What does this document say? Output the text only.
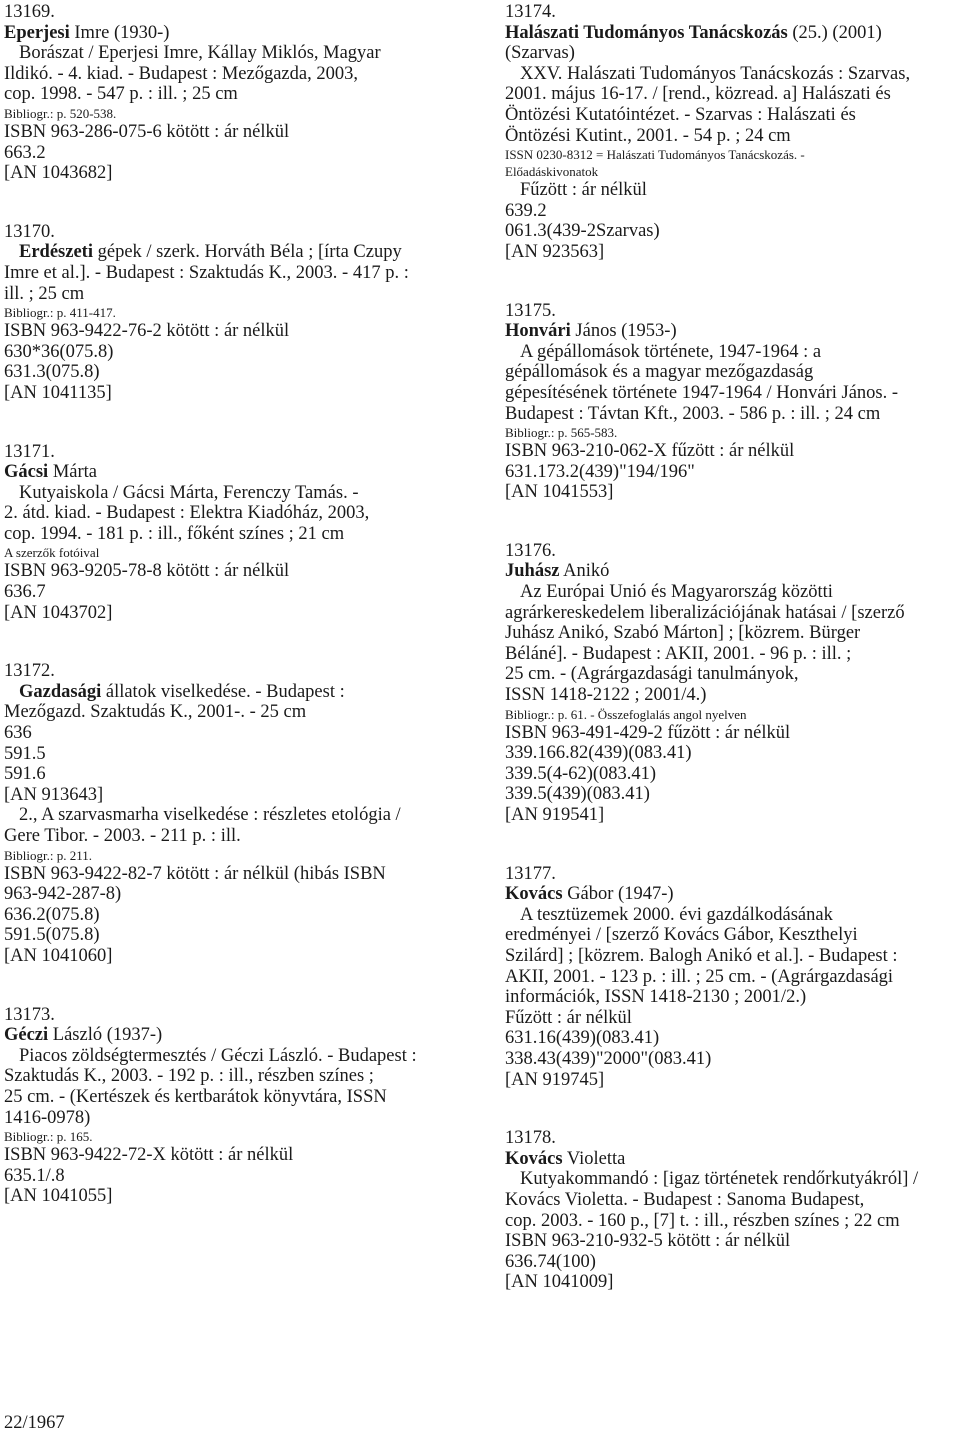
13169.
Eperjesi Imre (1930-)
Borászat / Eperjesi Imre, Kállay Miklós, Magyar
Ildikó. - 4. kiad. - Budapest : Mezőgazda, 2003,
cop. 1998. - 547 p. : ill. ; 25 cm
Bibliogr.: p. 520-538.
ISBN 963-286-075-6 kötött : ár nélkül
663.2
[AN 1043682]
13170.
Erdészeti gépek / szerk. Horváth Béla ; [írta Czupy
Imre et al.]. - Budapest : Szaktudás K., 2003. - 417 p. :
ill. ; 25 cm
Bibliogr.: p. 411-417.
ISBN 963-9422-76-2 kötött : ár nélkül
630*36(075.8)
631.3(075.8)
[AN 1041135]
13171.
Gácsi Márta
Kutyaiskola / Gácsi Márta, Ferenczy Tamás. -
2. átd. kiad. - Budapest : Elektra Kiadóház, 2003,
cop. 1994. - 181 p. : ill., főként színes ; 21 cm
A szerzők fotóival
ISBN 963-9205-78-8 kötött : ár nélkül
636.7
[AN 1043702]
13172.
Gazdasági állatok viselkedése. - Budapest :
Mezőgazd. Szaktudás K., 2001-. - 25 cm
636
591.5
591.6
[AN 913643]
2., A szarvasmarha viselkedése : részletes etológia /
Gere Tibor. - 2003. - 211 p. : ill.
Bibliogr.: p. 211.
ISBN 963-9422-82-7 kötött : ár nélkül (hibás ISBN
963-942-287-8)
636.2(075.8)
591.5(075.8)
[AN 1041060]
13173.
Géczi László (1937-)
Piacos zöldségtermesztés / Géczi László. - Budapest :
Szaktudás K., 2003. - 192 p. : ill., részben színes ;
25 cm. - (Kertészek és kertbarátok könyvtára, ISSN
1416-0978)
Bibliogr.: p. 165.
ISBN 963-9422-72-X kötött : ár nélkül
635.1/.8
[AN 1041055]
13174.
Halászati Tudományos Tanácskozás (25.) (2001)
(Szarvas)
XXV. Halászati Tudományos Tanácskozás : Szarvas,
2001. május 16-17. / [rend., közread. a] Halászati és
Öntözési Kutatóintézet. - Szarvas : Halászati és
Öntözési Kutint., 2001. - 54 p. ; 24 cm
ISSN 0230-8312 = Halászati Tudományos Tanácskozás. -
Előadáskivonatok
Fűzött : ár nélkül
639.2
061.3(439-2Szarvas)
[AN 923563]
13175.
Honvári János (1953-)
A gépállomások története, 1947-1964 : a
gépállomások és a magyar mezőgazdaság
gépesítésének története 1947-1964 / Honvári János. -
Budapest : Távtan Kft., 2003. - 586 p. : ill. ; 24 cm
Bibliogr.: p. 565-583.
ISBN 963-210-062-X fűzött : ár nélkül
631.173.2(439)"194/196"
[AN 1041553]
13176.
Juhász Anikó
Az Európai Unió és Magyarország közötti
agrárkereskedelem liberalizációjának hatásai / [szerző
Juhász Anikó, Szabó Márton] ; [közrem. Bürger
Béláné]. - Budapest : AKII, 2001. - 96 p. : ill. ;
25 cm. - (Agrárgazdasági tanulmányok,
ISSN 1418-2122 ; 2001/4.)
Bibliogr.: p. 61. - Összefoglalás angol nyelven
ISBN 963-491-429-2 fűzött : ár nélkül
339.166.82(439)(083.41)
339.5(4-62)(083.41)
339.5(439)(083.41)
[AN 919541]
13177.
Kovács Gábor (1947-)
A tesztüzemek 2000. évi gazdálkodásának
eredményei / [szerző Kovács Gábor, Keszthelyi
Szilárd] ; [közrem. Balogh Anikó et al.]. - Budapest :
AKII, 2001. - 123 p. : ill. ; 25 cm. - (Agrárgazdasági
információk, ISSN 1418-2130 ; 2001/2.)
Fűzött : ár nélkül
631.16(439)(083.41)
338.43(439)"2000"(083.41)
[AN 919745]
13178.
Kovács Violetta
Kutyakommandó : [igaz történetek rendőrkutyákról] /
Kovács Violetta. - Budapest : Sanoma Budapest,
cop. 2003. - 160 p., [7] t. : ill., részben színes ; 22 cm
ISBN 963-210-932-5 kötött : ár nélkül
636.74(100)
[AN 1041009]
22/1967
